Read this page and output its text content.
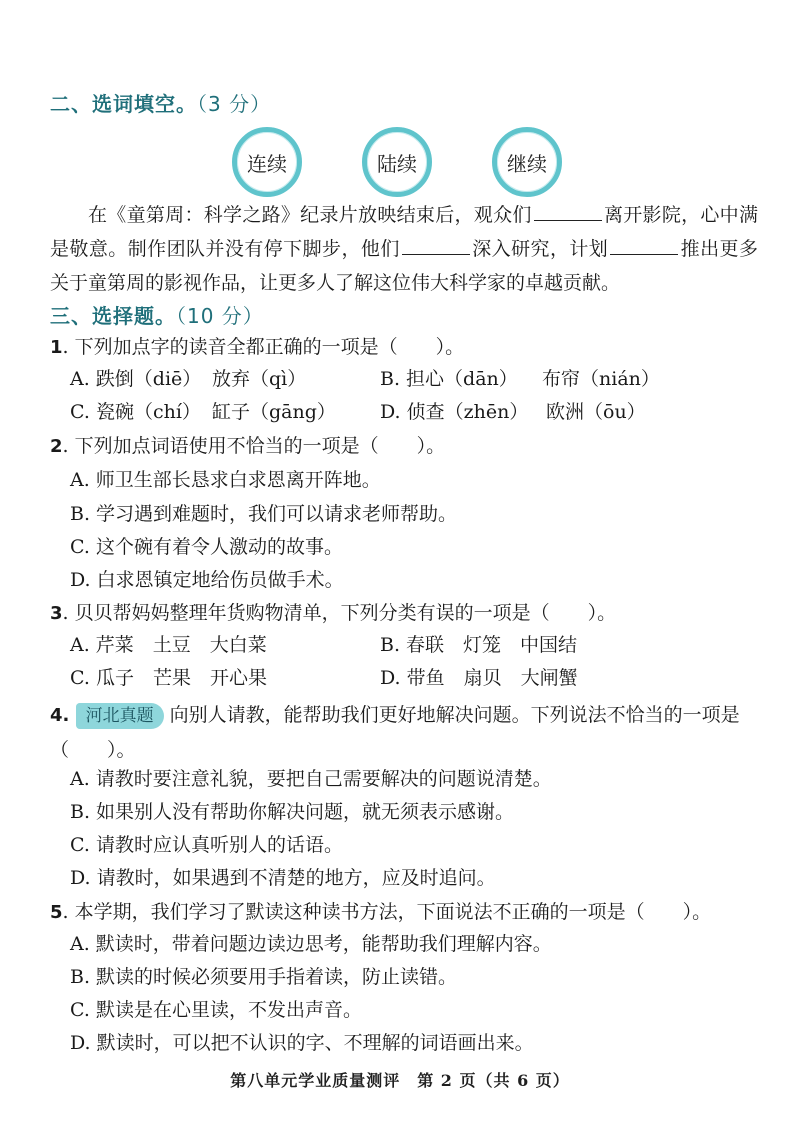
二、选词填空。（3 分）
连续	陆续	继续

在《童第周：科学之路》纪录片放映结束后，观众们	离开影院，心中满是敬意。制作团队并没有停下脚步，他们	深入研究，计划	推出更多关于童第周的影视作品，让更多人了解这位伟大科学家的卓越贡献。

三、选择题。（10 分）
1. 下列加点字的读音全都正确的一项是（　　）。
A. 跌倒（diē） 放弃（qì）	B. 担心（dān） 布帘（nián）
C. 瓷碗（chí） 缸子（gāng） D. 侦查（zhēn） 欧洲（ōu）
2. 下列加点词语使用不恰当的一项是（　　）。
A. 师卫生部长恳求白求恩离开阵地。
B. 学习遇到难题时，我们可以请求老师帮助。
C. 这个碗有着令人激动的故事。
D. 白求恩镇定地给伤员做手术。
3. 贝贝帮妈妈整理年货购物清单，下列分类有误的一项是（　　）。
A. 芹菜　土豆　大白菜	B. 春联　灯笼　中国结
C. 瓜子　芒果　开心果	D. 带鱼　扇贝　大闸蟹
4. 河北真题 向别人请教，能帮助我们更好地解决问题。下列说法不恰当的一项是（　　）。
A. 请教时要注意礼貌，要把自己需要解决的问题说清楚。
B. 如果别人没有帮助你解决问题，就无须表示感谢。
C. 请教时应认真听别人的话语。
D. 请教时，如果遇到不清楚的地方，应及时追问。
5. 本学期，我们学习了默读这种读书方法，下面说法不正确的一项是（　　）。
A. 默读时，带着问题边读边思考，能帮助我们理解内容。
B. 默读的时候必须要用手指着读，防止读错。
C. 默读是在心里读，不发出声音。
D. 默读时，可以把不认识的字、不理解的词语画出来。
第八单元学业质量测评　第 2 页（共 6 页）
